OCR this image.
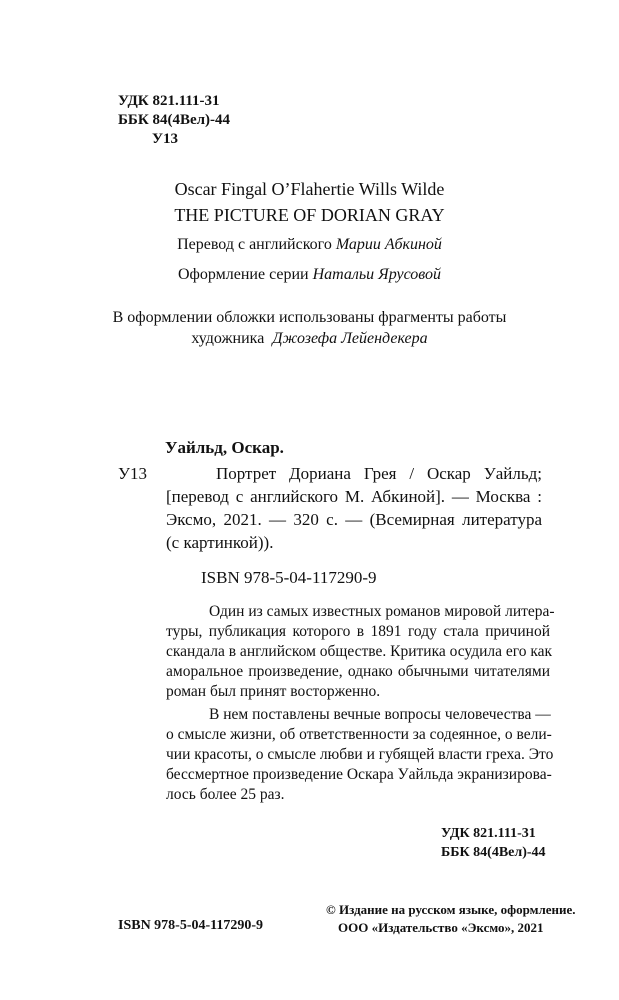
УДК 821.111-31
ББК 84(4Вел)-44
У13
Oscar Fingal O’Flahertie Wills Wilde
THE PICTURE OF DORIAN GRAY
Перевод с английского Марии Абкиной
Оформление серии Натальи Ярусовой
В оформлении обложки использованы фрагменты работы
художника Джозефа Лейендекера
Уайльд, Оскар.
У13	Портрет Дориана Грея / Оскар Уайльд;
[перевод с английского М. Абкиной]. — Москва :
Эксмо, 2021. — 320 с. — (Всемирная литература
(с картинкой)).
ISBN 978-5-04-117290-9
Один из самых известных романов мировой литера-
туры, публикация которого в 1891 году стала причиной
скандала в английском обществе. Критика осудила его как
аморальное произведение, однако обычными читателями
роман был принят восторженно.
В нем поставлены вечные вопросы человечества —
о смысле жизни, об ответственности за содеянное, о вели-
чии красоты, о смысле любви и губящей власти греха. Это
бессмертное произведение Оскара Уайльда экранизирова-
лось более 25 раз.
УДК 821.111-31
ББК 84(4Вел)-44
ISBN 978-5-04-117290-9
© Издание на русском языке, оформление.
ООО «Издательство «Эксмо», 2021
